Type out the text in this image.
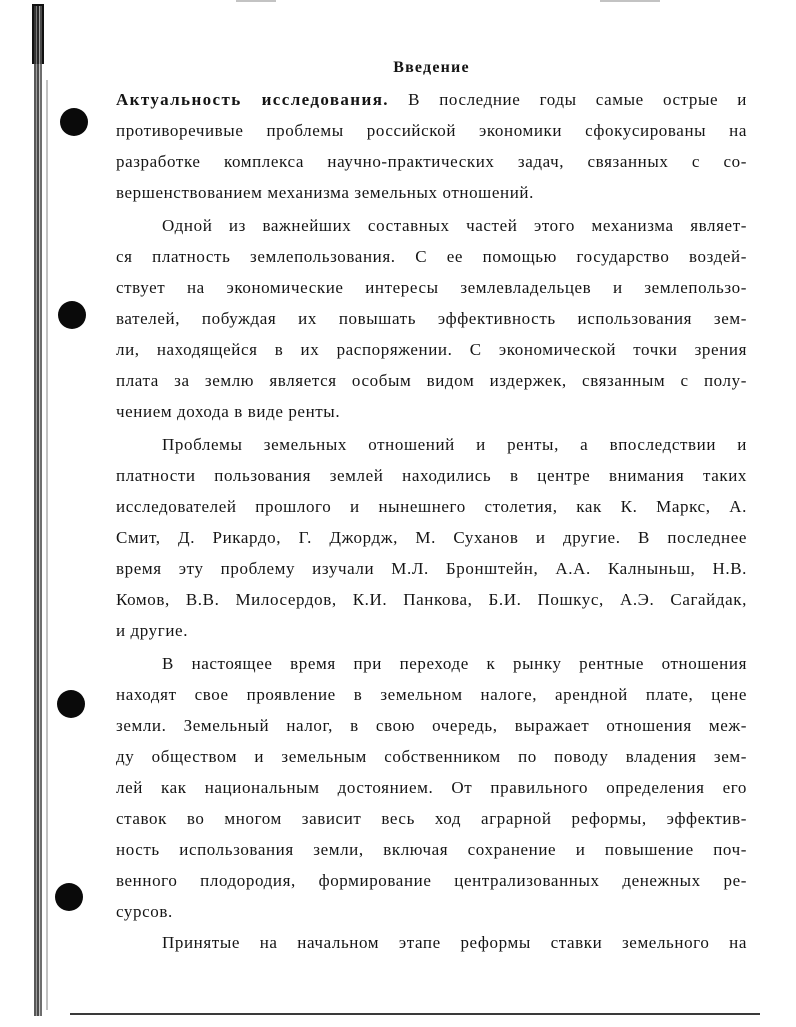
Введение
Актуальность исследования. В последние годы самые острые и
противоречивые проблемы российской экономики сфокусированы на
разработке комплекса научно-практических задач, связанных с со-
вершенствованием механизма земельных отношений.
Одной из важнейших составных частей этого механизма являет-
ся платность землепользования. С ее помощью государство воздей-
ствует на экономические интересы землевладельцев и землепользо-
вателей, побуждая их повышать эффективность использования зем-
ли, находящейся в их распоряжении. С экономической точки зрения
плата за землю является особым видом издержек, связанным с полу-
чением дохода в виде ренты.
Проблемы земельных отношений и ренты, а впоследствии и
платности пользования землей находились в центре внимания таких
исследователей прошлого и нынешнего столетия, как К. Маркс, А.
Смит, Д. Рикардо, Г. Джордж, М. Суханов и другие. В последнее
время эту проблему изучали М.Л. Бронштейн, А.А. Калныньш, Н.В.
Комов, В.В. Милосердов, К.И. Панкова, Б.И. Пошкус, А.Э. Сагайдак,
и другие.
В настоящее время при переходе к рынку рентные отношения
находят свое проявление в земельном налоге, арендной плате, цене
земли. Земельный налог, в свою очередь, выражает отношения меж-
ду обществом и земельным собственником по поводу владения зем-
лей как национальным достоянием. От правильного определения его
ставок во многом зависит весь ход аграрной реформы, эффектив-
ность использования земли, включая сохранение и повышение поч-
венного плодородия, формирование централизованных денежных ре-
сурсов.
Принятые на начальном этапе реформы ставки земельного на
